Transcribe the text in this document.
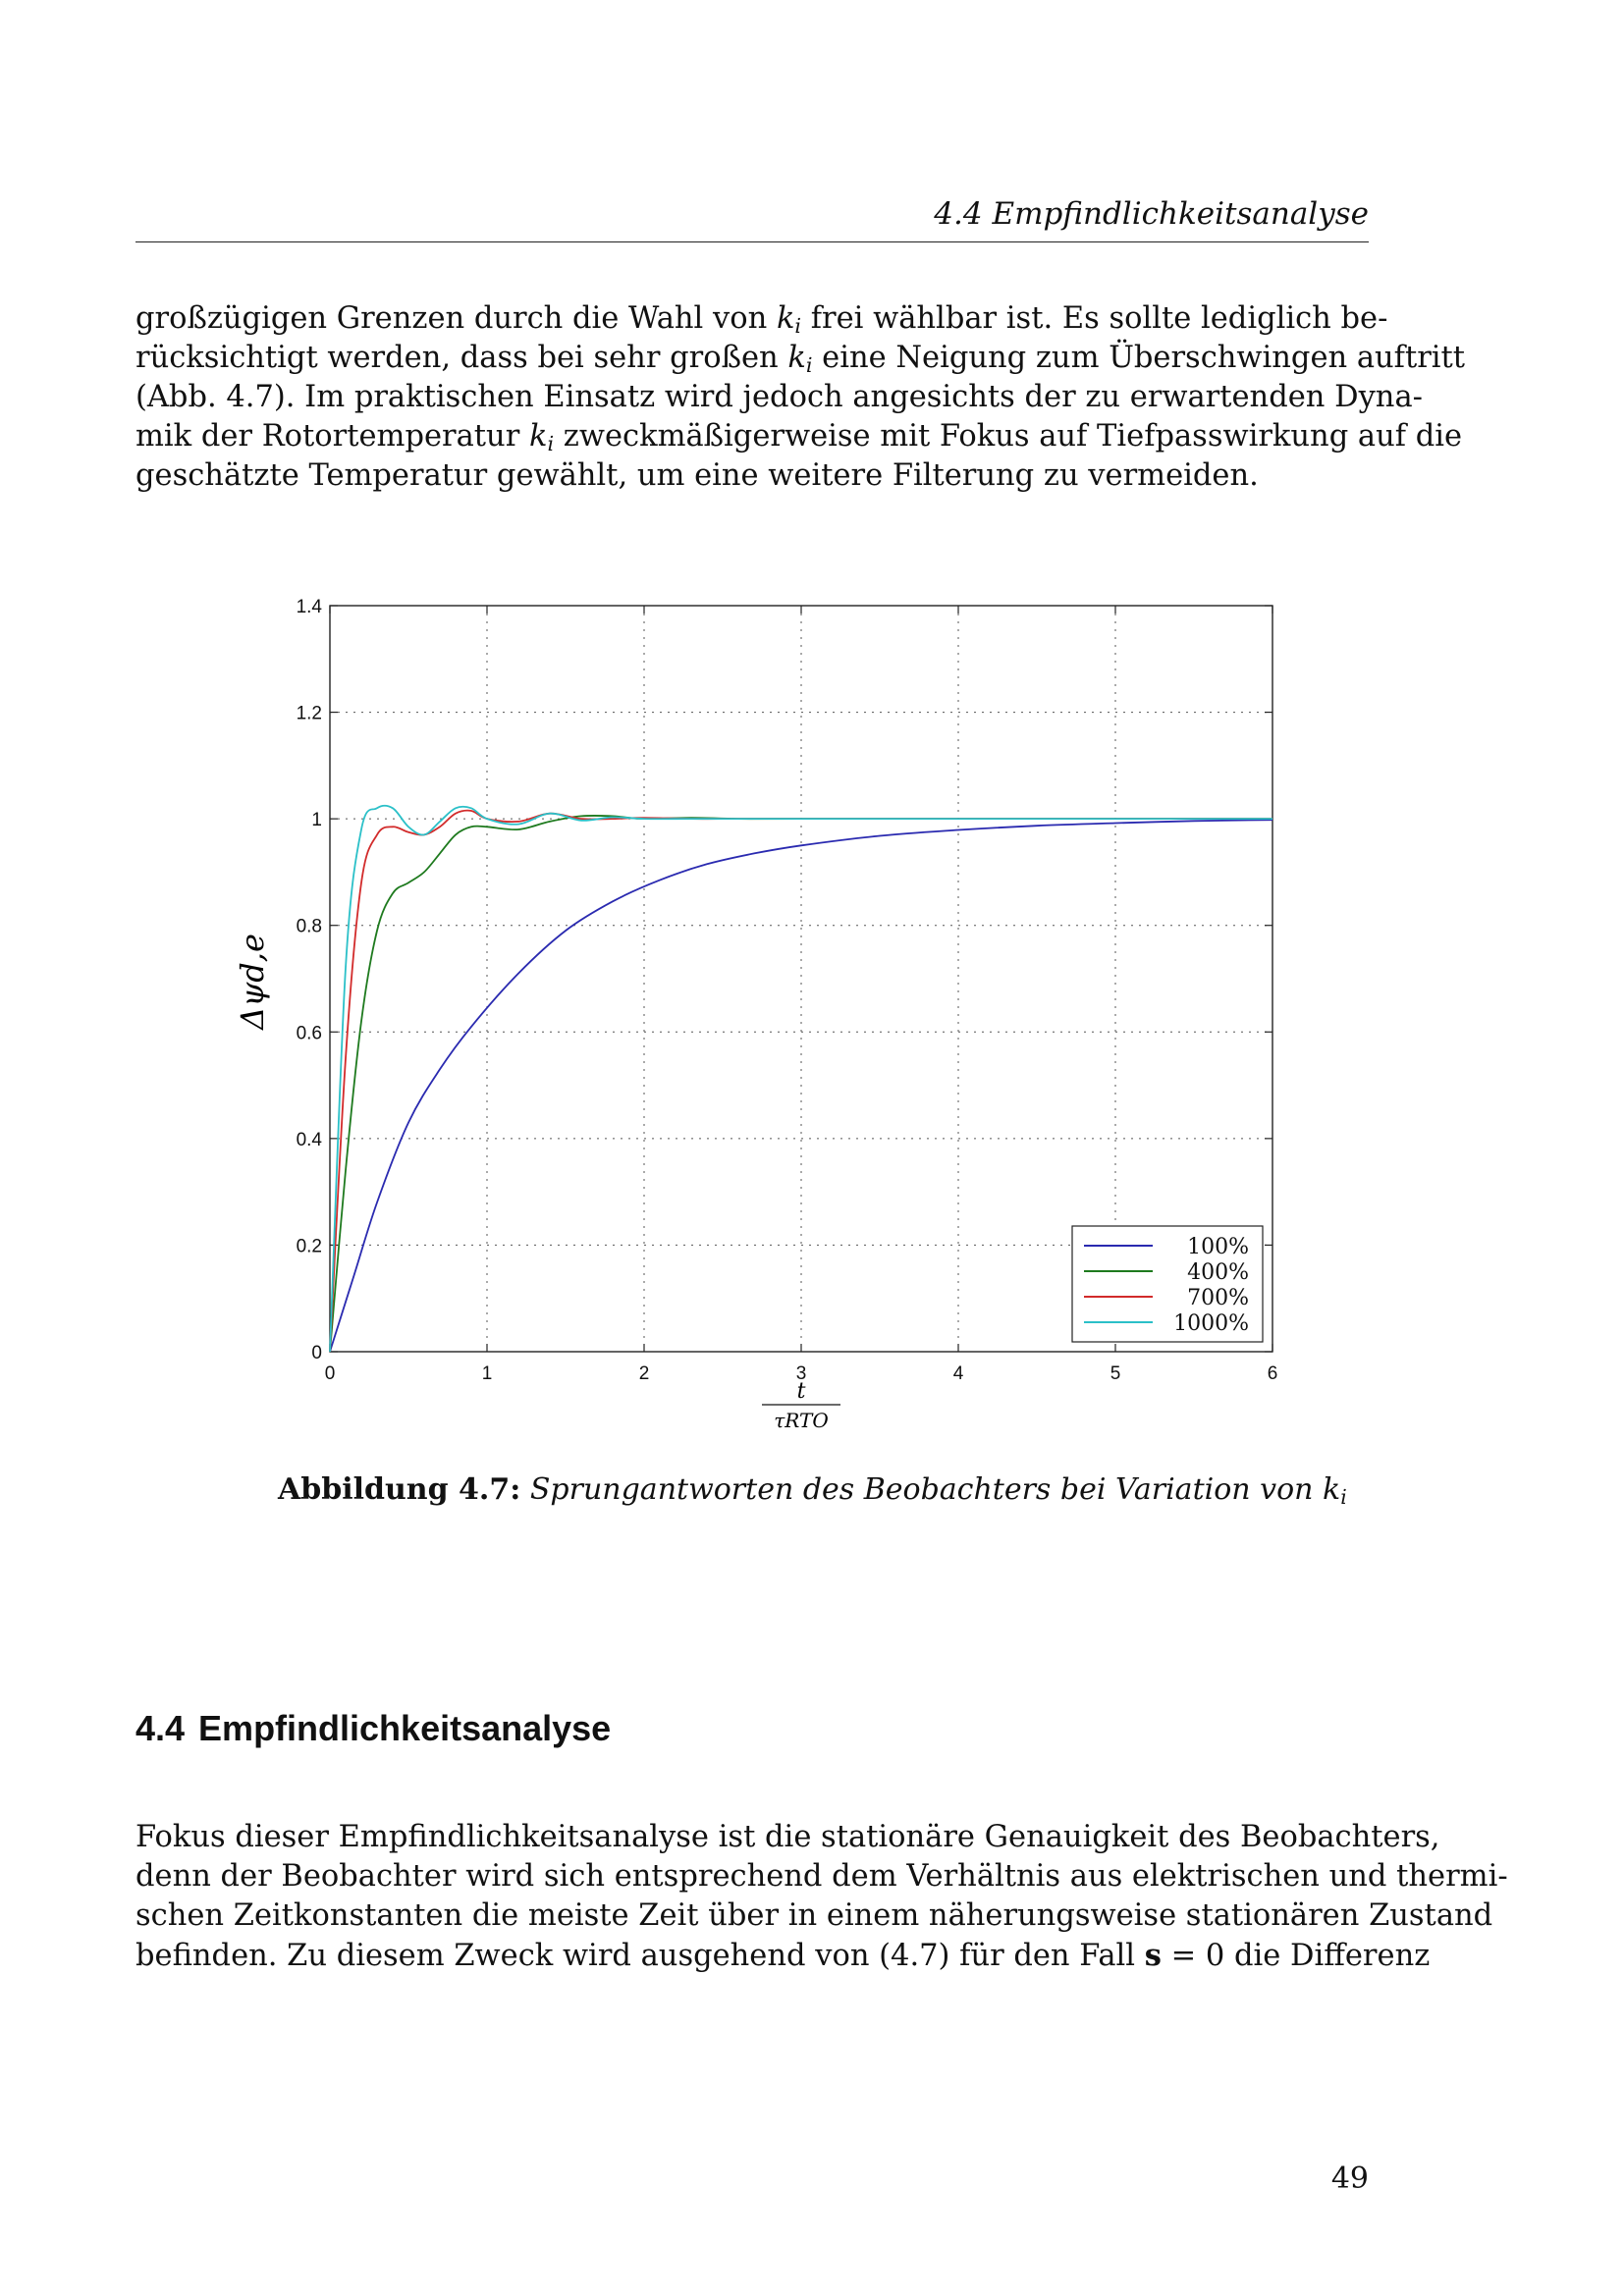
4.4 Empfindlichkeitsanalyse
großzügigen Grenzen durch die Wahl von $k_i$ frei wählbar ist. Es sollte lediglich be-
rücksichtigt werden, dass bei sehr großen $k_i$ eine Neigung zum Überschwingen auftritt
(Abb. 4.7). Im praktischen Einsatz wird jedoch angesichts der zu erwartenden Dyna-
mik der Rotortemperatur $k_i$ zweckmäßigerweise mit Fokus auf Tiefpasswirkung auf die
geschätzte Temperatur gewählt, um eine weitere Filterung zu vermeiden.
0	1	2	3	4	5	6
0
0.2
0.4
0.6
0.8
1
1.2
1.4
100%
400%
700%
1000%
t
τRTO
Δψd,e
Abbildung 4.7: Sprungantworten des Beobachters bei Variation von $k_i$
4.4 Empfindlichkeitsanalyse
Fokus dieser Empfindlichkeitsanalyse ist die stationäre Genauigkeit des Beobachters,
denn der Beobachter wird sich entsprechend dem Verhältnis aus elektrischen und thermi-
schen Zeitkonstanten die meiste Zeit über in einem näherungsweise stationären Zustand
befinden. Zu diesem Zweck wird ausgehend von (4.7) für den Fall s = 0 die Differenz
49
